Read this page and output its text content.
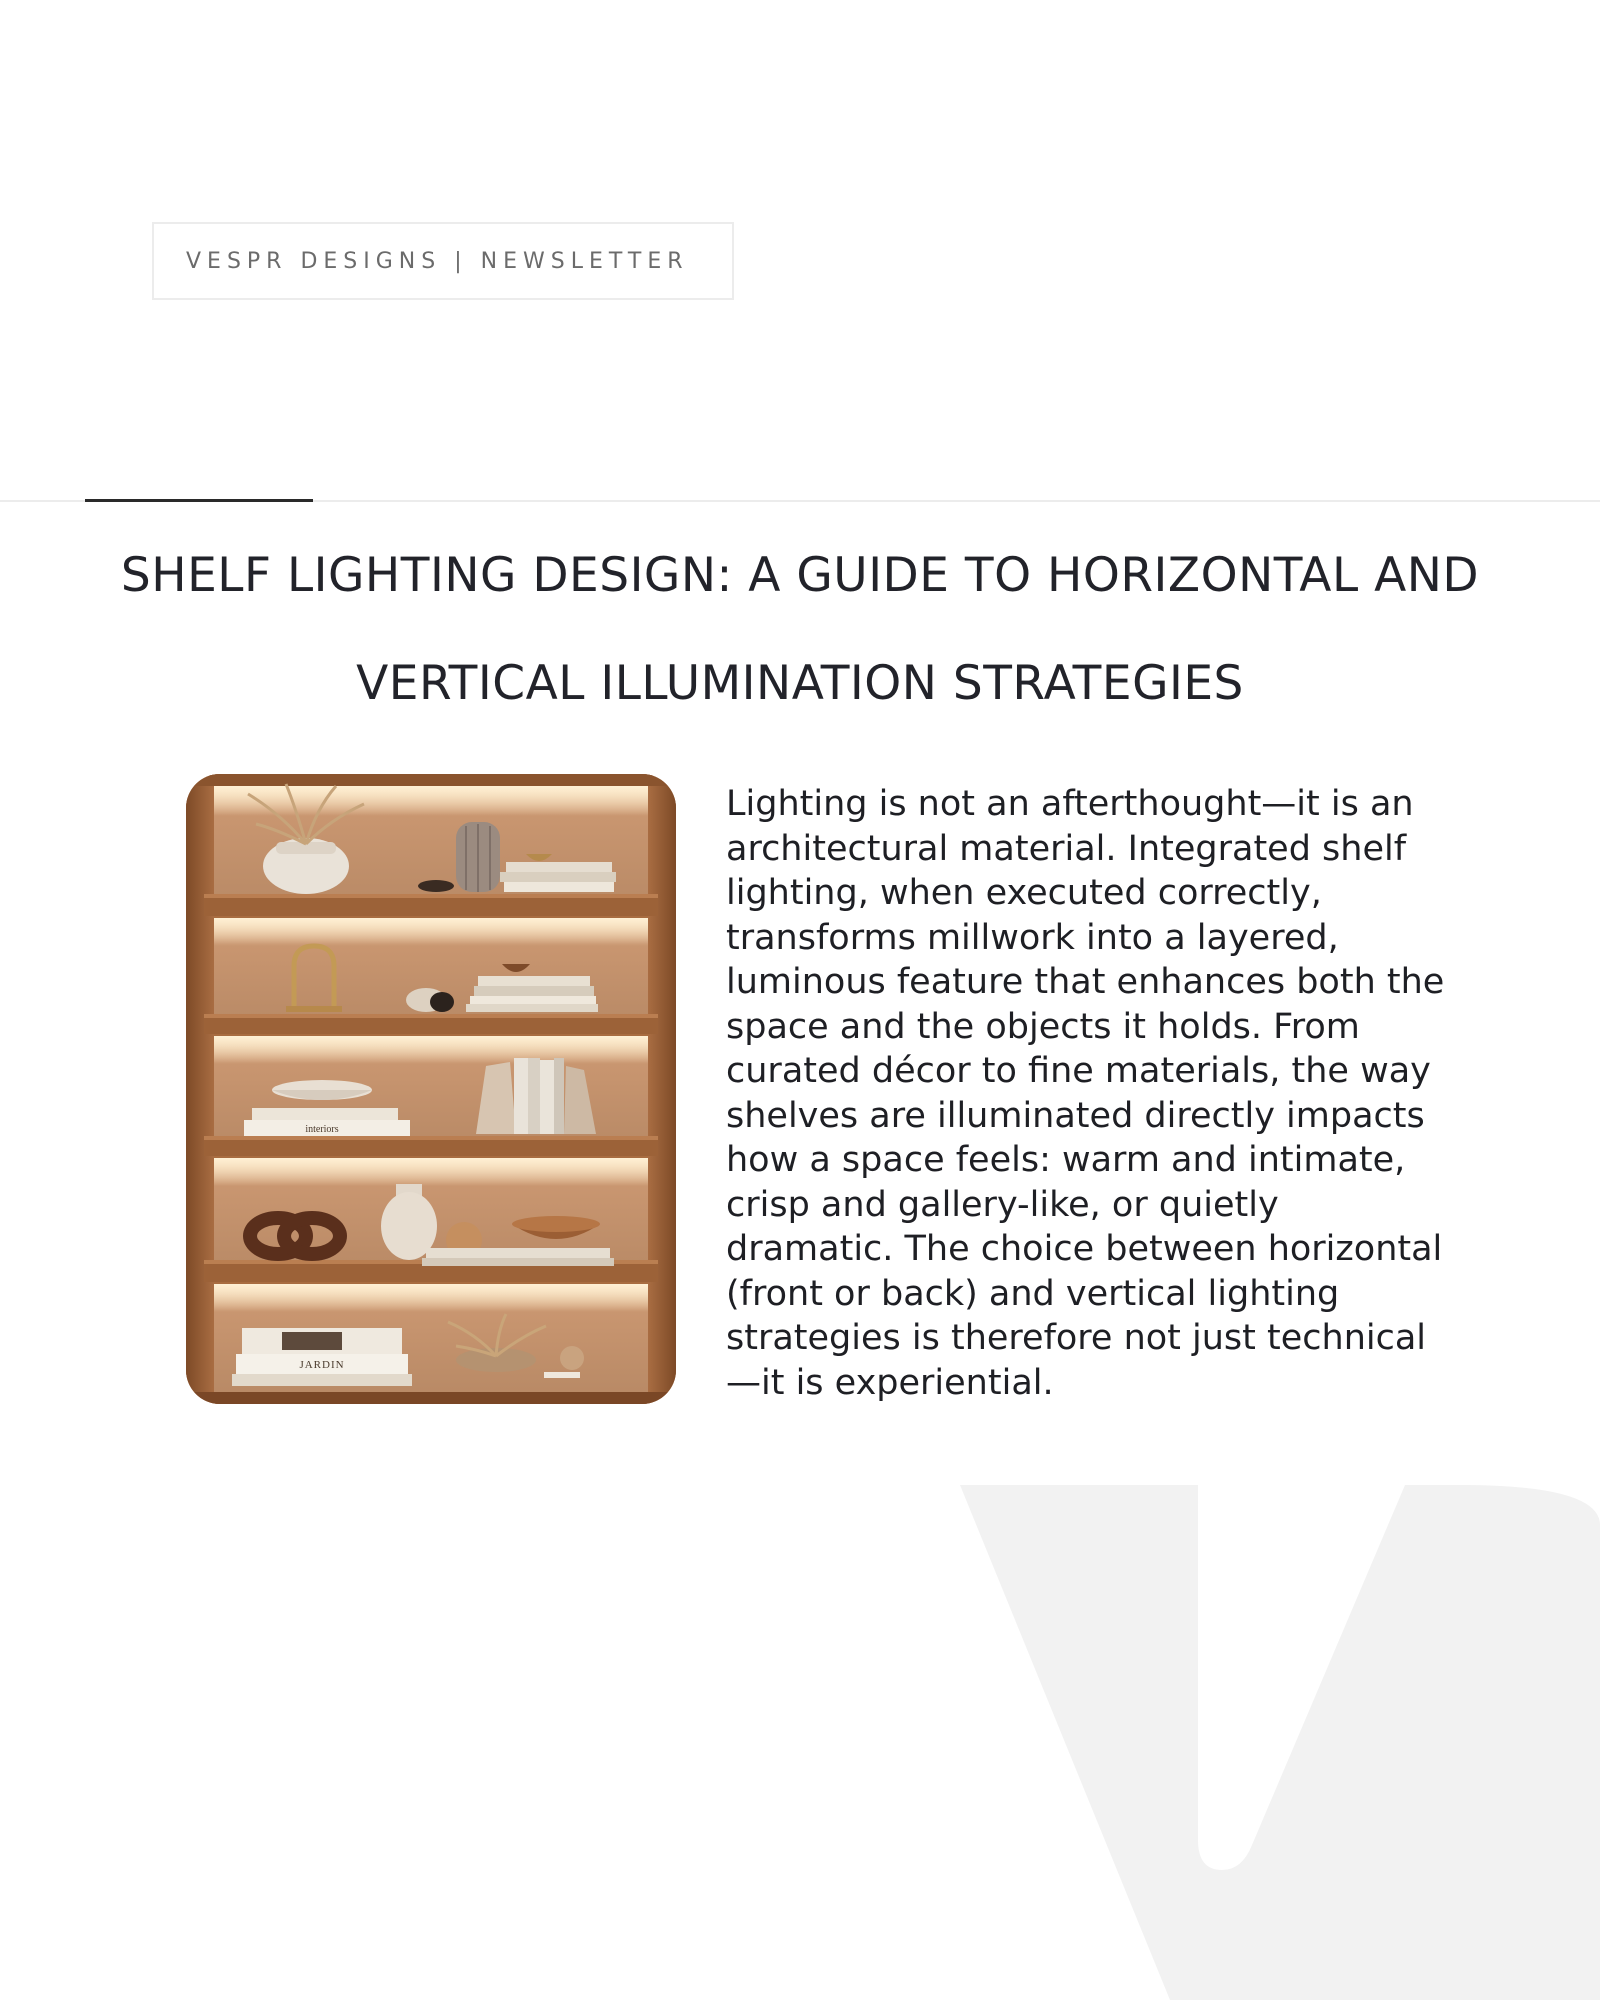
VESPR DESIGNS | NEWSLETTER
SHELF LIGHTING DESIGN: A GUIDE TO HORIZONTAL AND VERTICAL ILLUMINATION STRATEGIES
interiors
JARDIN

Lighting is not an afterthought—it is an architectural material. Integrated shelf lighting, when executed correctly, transforms millwork into a layered, luminous feature that enhances both the space and the objects it holds. From curated décor to fine materials, the way shelves are illuminated directly impacts how a space feels: warm and intimate, crisp and gallery-like, or quietly dramatic. The choice between horizontal (front or back) and vertical lighting strategies is therefore not just technical—it is experiential.
